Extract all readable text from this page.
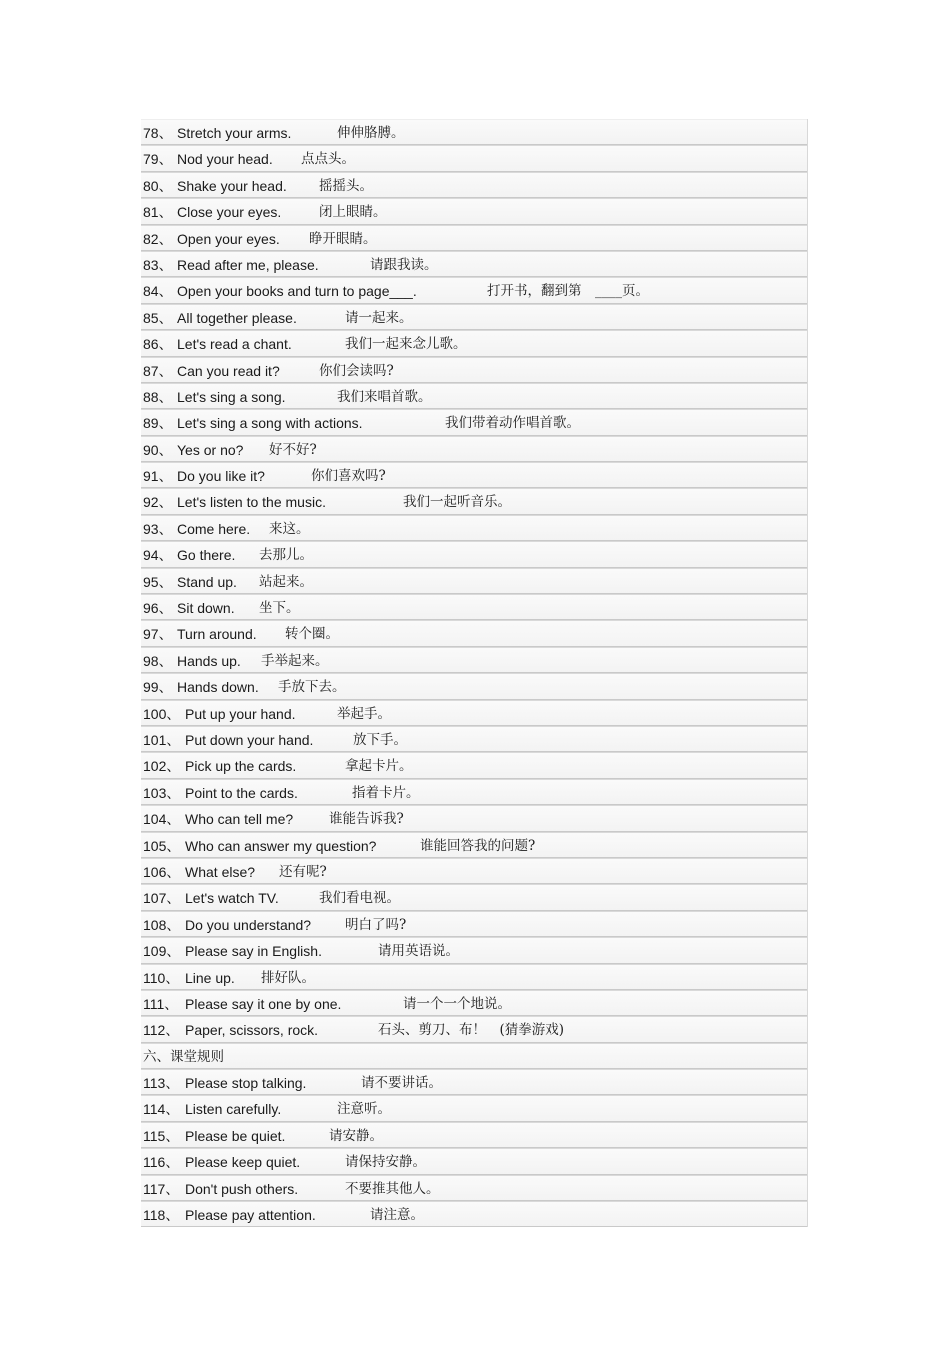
78、 Stretch your arms.	伸伸胳膊。
79、 Nod your head. 点点头。
80、 Shake your head. 摇摇头。
81、 Close your eyes.	闭上眼睛。
82、 Open your eyes. 睁开眼睛。
83、 Read after me, please.	请跟我读。
84、 Open your books and turn to page___.	打开书，翻到第　____页。
85、 All together please.	请一起来。
86、 Let's read a chant.	我们一起来念儿歌。
87、 Can you read it?	你们会读吗?
88、 Let's sing a song.	我们来唱首歌。
89、 Let's sing a song with actions.	我们带着动作唱首歌。
90、 Yes or no? 好不好?
91、 Do you like it?	你们喜欢吗?
92、 Let's listen to the music.	我们一起听音乐。
93、 Come here. 来这。
94、 Go there. 去那儿。
95、 Stand up. 站起来。
96、 Sit down. 坐下。
97、 Turn around. 转个圈。
98、 Hands up. 手举起来。
99、 Hands down. 手放下去。
100、 Put up your hand.	举起手。
101、 Put down your hand.	放下手。
102、 Pick up the cards.	拿起卡片。
103、 Point to the cards.	指着卡片。
104、 Who can tell me?	谁能告诉我?
105、 Who can answer my question?	谁能回答我的问题?
106、 What else? 还有呢?
107、 Let's watch TV.	我们看电视。
108、 Do you understand?	明白了吗?
109、 Please say in English.	请用英语说。
110、 Line up. 排好队。
111、 Please say it one by one.	请一个一个地说。
112、 Paper, scissors, rock.	石头、剪刀、布！　(猜拳游戏)
六、课堂规则
113、 Please stop talking.	请不要讲话。
114、 Listen carefully.	注意听。
115、 Please be quiet.	请安静。
116、 Please keep quiet.	请保持安静。
117、 Don't push others.	不要推其他人。
118、 Please pay attention.	请注意。
